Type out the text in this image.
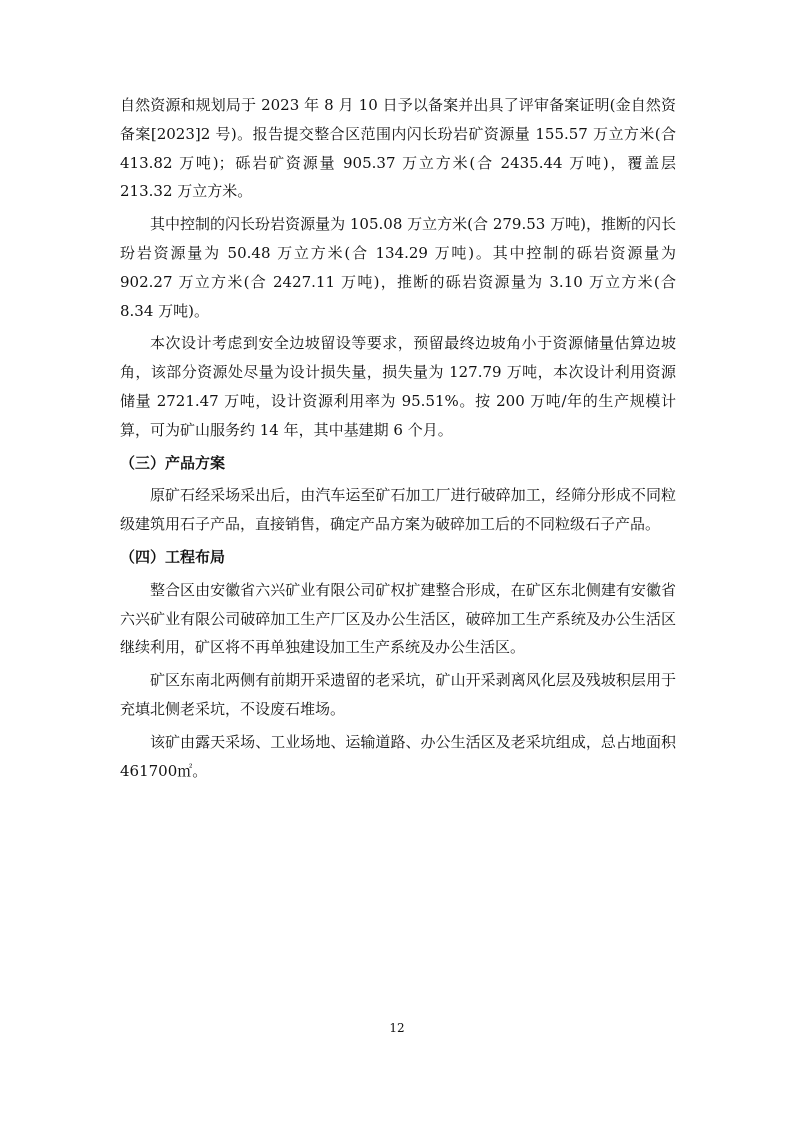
自然资源和规划局于 2023 年 8 月 10 日予以备案并出具了评审备案证明(金自然资备案[2023]2 号)。报告提交整合区范围内闪长玢岩矿资源量 155.57 万立方米(合 413.82 万吨)；砾岩矿资源量 905.37 万立方米(合 2435.44 万吨)，覆盖层 213.32 万立方米。

其中控制的闪长玢岩资源量为 105.08 万立方米(合 279.53 万吨)，推断的闪长玢岩资源量为 50.48 万立方米(合 134.29 万吨)。其中控制的砾岩资源量为 902.27 万立方米(合 2427.11 万吨)，推断的砾岩资源量为 3.10 万立方米(合 8.34 万吨)。

本次设计考虑到安全边坡留设等要求，预留最终边坡角小于资源储量估算边坡角，该部分资源处尽量为设计损失量，损失量为 127.79 万吨，本次设计利用资源储量 2721.47 万吨，设计资源利用率为 95.51%。按 200 万吨/年的生产规模计算，可为矿山服务约 14 年，其中基建期 6 个月。

（三）产品方案

原矿石经采场采出后，由汽车运至矿石加工厂进行破碎加工，经筛分形成不同粒级建筑用石子产品，直接销售，确定产品方案为破碎加工后的不同粒级石子产品。

（四）工程布局

整合区由安徽省六兴矿业有限公司矿权扩建整合形成，在矿区东北侧建有安徽省六兴矿业有限公司破碎加工生产厂区及办公生活区，破碎加工生产系统及办公生活区继续利用，矿区将不再单独建设加工生产系统及办公生活区。

矿区东南北两侧有前期开采遗留的老采坑，矿山开采剥离风化层及残坡积层用于充填北侧老采坑，不设废石堆场。

该矿由露天采场、工业场地、运输道路、办公生活区及老采坑组成，总占地面积 461700㎡。

12
